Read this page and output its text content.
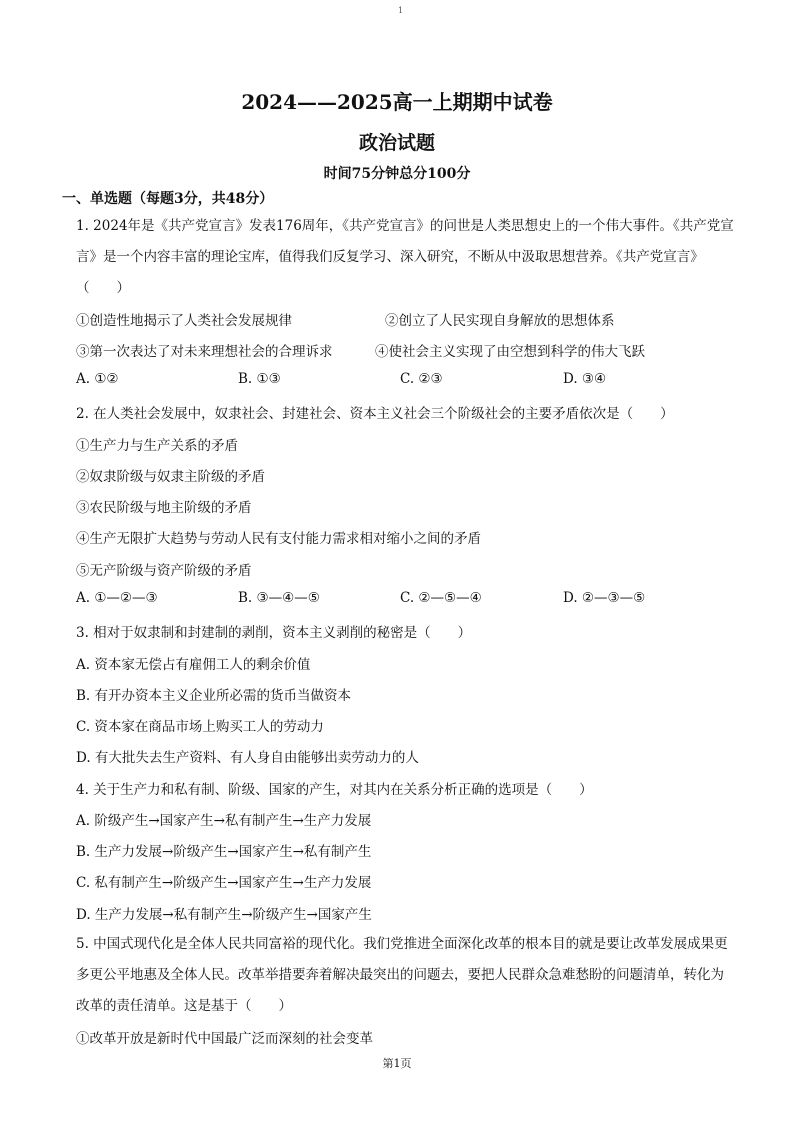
1
2024——2025高一上期期中试卷
政治试题
时间75分钟总分100分
一、单选题（每题3分，共48分）
1. 2024年是《共产党宣言》发表176周年，《共产党宣言》的问世是人类思想史上的一个伟大事件。《共产党宣言》是一个内容丰富的理论宝库，值得我们反复学习、深入研究，不断从中汲取思想营养。《共产党宣言》（　　）
①创造性地揭示了人类社会发展规律	②创立了人民实现自身解放的思想体系
③第一次表达了对未来理想社会的合理诉求	④使社会主义实现了由空想到科学的伟大飞跃
A. ①②	B. ①③	C. ②③	D. ③④
2. 在人类社会发展中，奴隶社会、封建社会、资本主义社会三个阶级社会的主要矛盾依次是（　　）
①生产力与生产关系的矛盾
②奴隶阶级与奴隶主阶级的矛盾
③农民阶级与地主阶级的矛盾
④生产无限扩大趋势与劳动人民有支付能力需求相对缩小之间的矛盾
⑤无产阶级与资产阶级的矛盾
A. ①—②—③	B. ③—④—⑤	C. ②—⑤—④	D. ②—③—⑤
3. 相对于奴隶制和封建制的剥削，资本主义剥削的秘密是（　　）
A. 资本家无偿占有雇佣工人的剩余价值
B. 有开办资本主义企业所必需的货币当做资本
C. 资本家在商品市场上购买工人的劳动力
D. 有大批失去生产资料、有人身自由能够出卖劳动力的人
4. 关于生产力和私有制、阶级、国家的产生，对其内在关系分析正确的选项是（　　）
A. 阶级产生→国家产生→私有制产生→生产力发展
B. 生产力发展→阶级产生→国家产生→私有制产生
C. 私有制产生→阶级产生→国家产生→生产力发展
D. 生产力发展→私有制产生→阶级产生→国家产生
5. 中国式现代化是全体人民共同富裕的现代化。我们党推进全面深化改革的根本目的就是要让改革发展成果更多更公平地惠及全体人民。改革举措要奔着解决最突出的问题去，要把人民群众急难愁盼的问题清单，转化为改革的责任清单。这是基于（　　）
①改革开放是新时代中国最广泛而深刻的社会变革
第1页
